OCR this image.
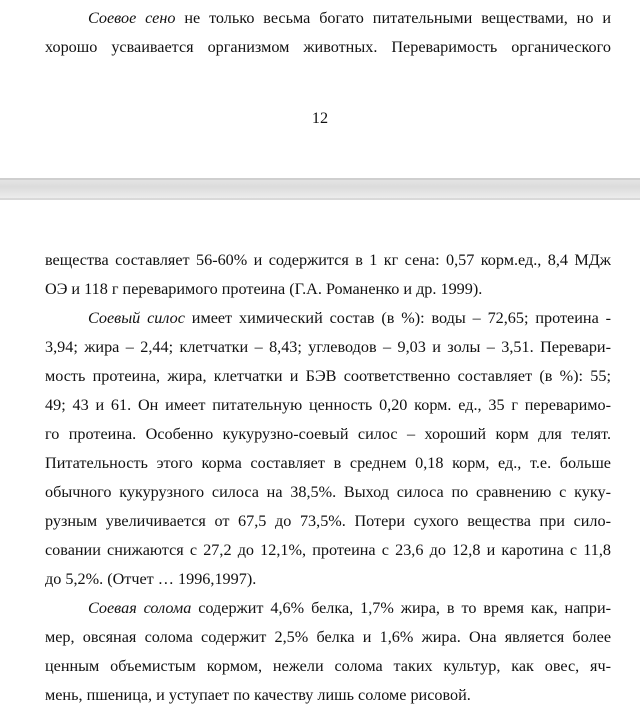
Соевое сено не только весьма богато питательными веществами, но и
хорошо усваивается организмом животных. Переваримость органического
12
вещества составляет 56-60% и содержится в 1 кг сена: 0,57 корм.ед., 8,4 МДж
ОЭ и 118 г переваримого протеина (Г.А. Романенко и др. 1999).
Соевый силос имеет химический состав (в %): воды – 72,65; протеина -
3,94; жира – 2,44; клетчатки – 8,43; углеводов – 9,03 и золы – 3,51. Перевари-
мость протеина, жира, клетчатки и БЭВ соответственно составляет (в %): 55;
49; 43 и 61. Он имеет питательную ценность 0,20 корм. ед., 35 г переваримо-
го протеина. Особенно кукурузно-соевый силос – хороший корм для телят.
Питательность этого корма составляет в среднем 0,18 корм, ед., т.е. больше
обычного кукурузного силоса на 38,5%. Выход силоса по сравнению с куку-
рузным увеличивается от 67,5 до 73,5%. Потери сухого вещества при сило-
совании снижаются с 27,2 до 12,1%, протеина с 23,6 до 12,8 и каротина с 11,8
до 5,2%. (Отчет … 1996,1997).
Соевая солома содержит 4,6% белка, 1,7% жира, в то время как, напри-
мер, овсяная солома содержит 2,5% белка и 1,6% жира. Она является более
ценным объемистым кормом, нежели солома таких культур, как овес, яч-
мень, пшеница, и уступает по качеству лишь соломе рисовой.
